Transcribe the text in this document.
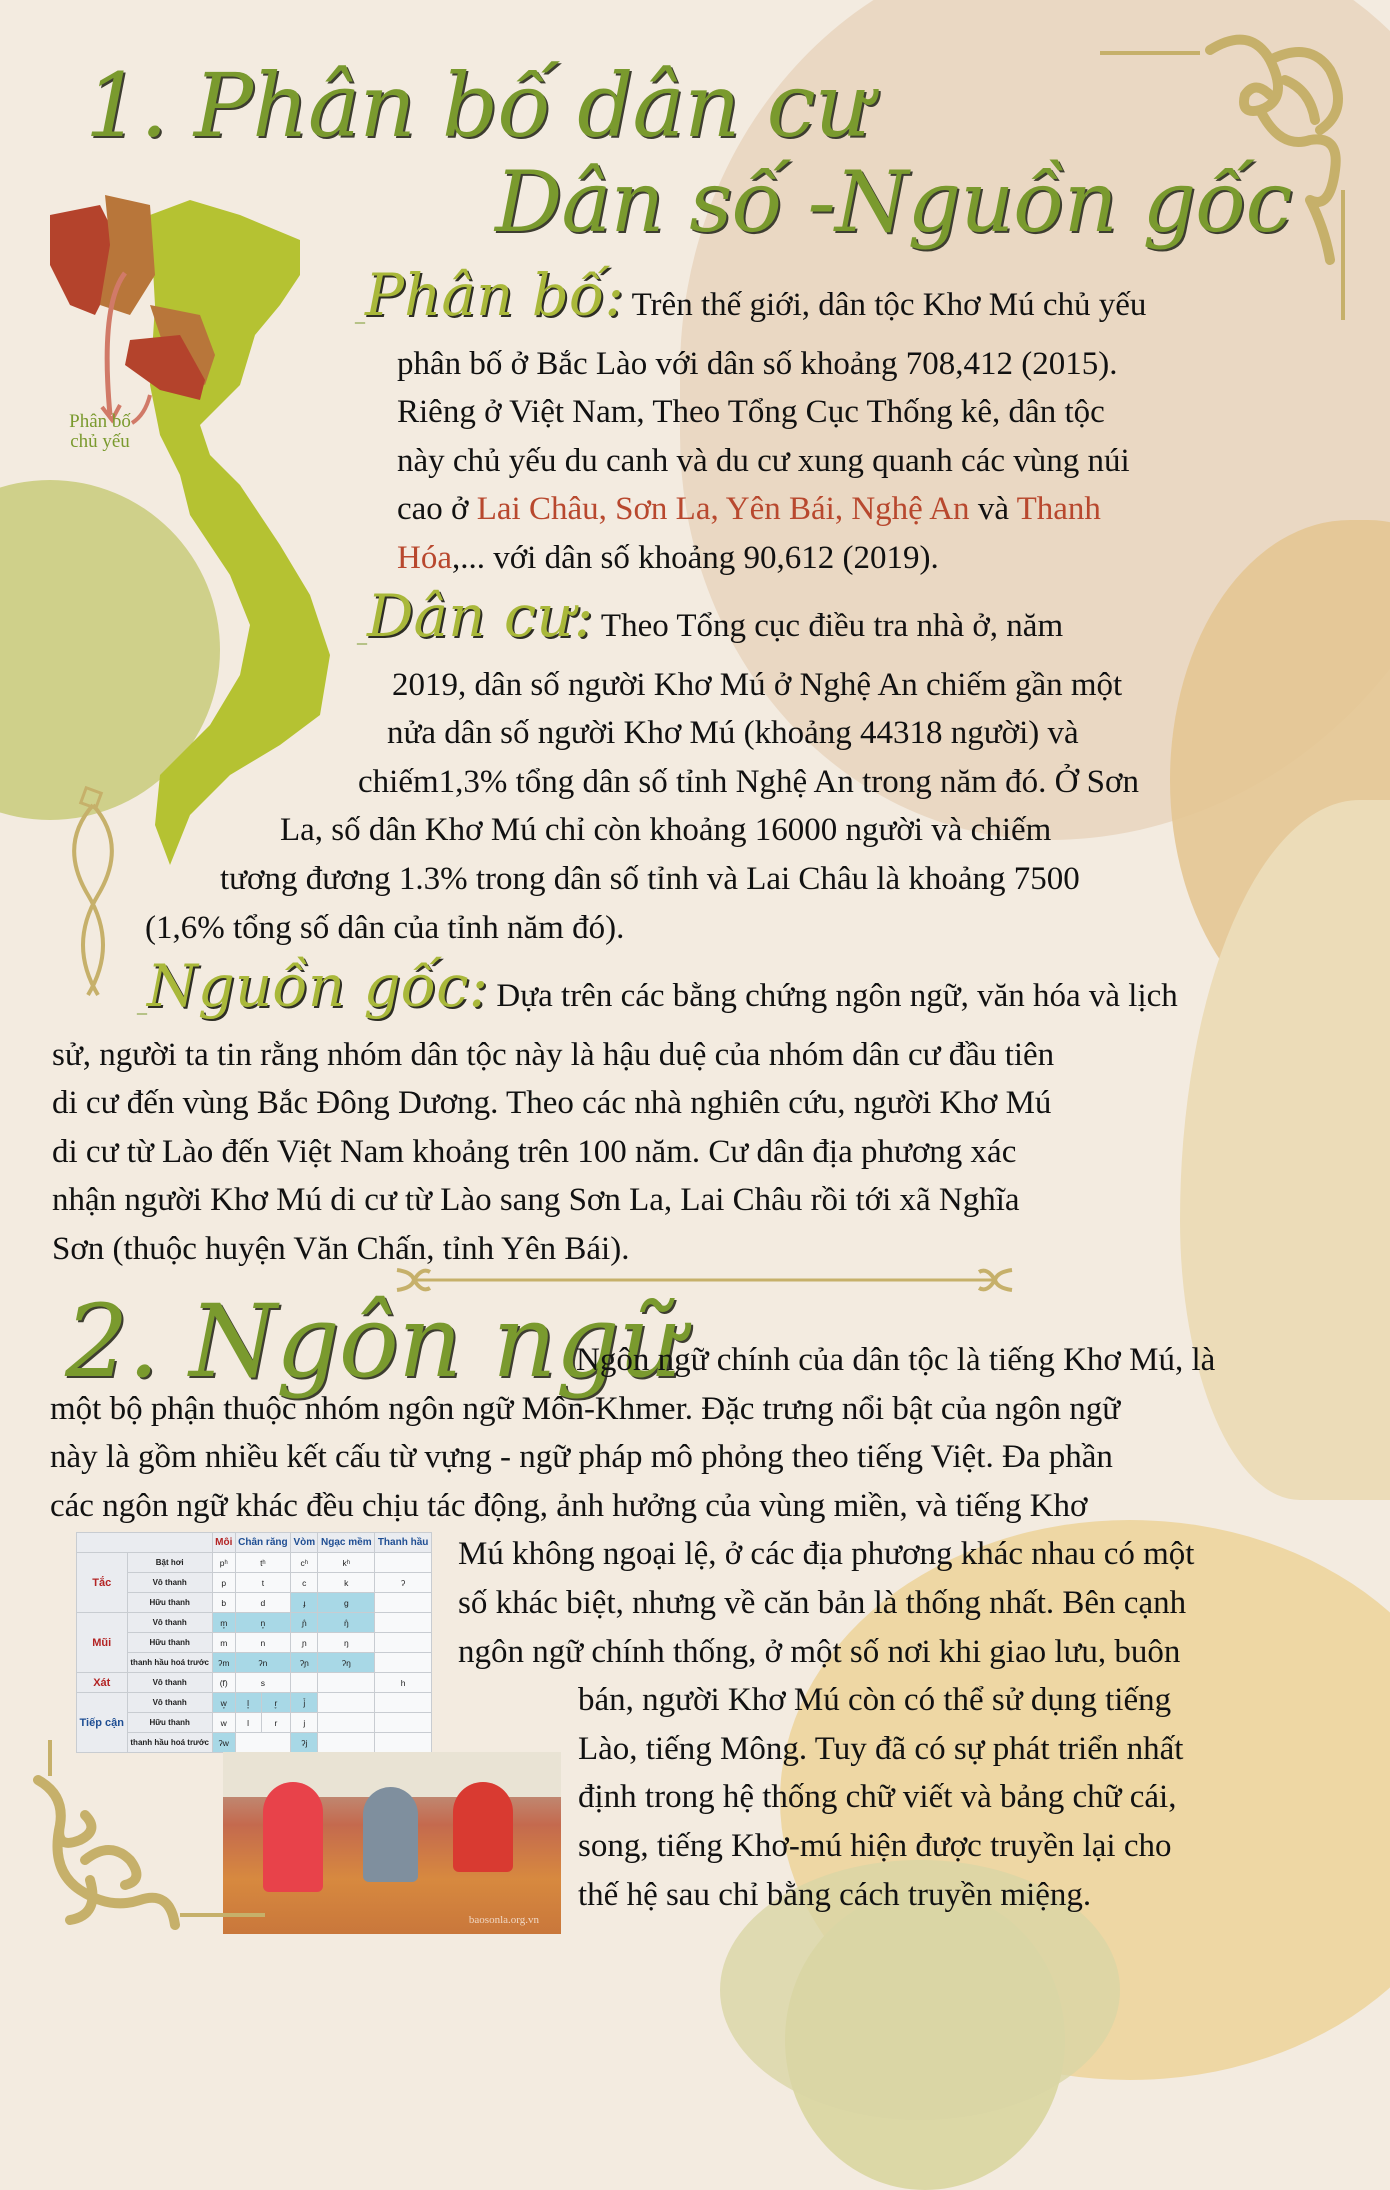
1. Phân bố dân cư
Dân số -Nguồn gốc
Phân bố
chủ yếu

_Phân bố: Trên thế giới, dân tộc Khơ Mú chủ yếu

phân bố ở Bắc Lào với dân số khoảng 708,412 (2015).

Riêng ở Việt Nam, Theo Tổng Cục Thống kê, dân tộc

này chủ yếu du canh và du cư xung quanh các vùng núi

cao ở Lai Châu, Sơn La, Yên Bái, Nghệ An và Thanh

Hóa,... với dân số khoảng 90,612 (2019).

_Dân cư: Theo Tổng cục điều tra nhà ở, năm

2019, dân số người Khơ Mú ở Nghệ An chiếm gần một

nửa dân số người Khơ Mú (khoảng 44318 người) và

chiếm1,3% tổng dân số tỉnh Nghệ An trong năm đó. Ở Sơn

La, số dân Khơ Mú chỉ còn khoảng 16000 người và chiếm

tương đương 1.3% trong dân số tỉnh và Lai Châu là khoảng 7500

(1,6% tổng số dân của tỉnh năm đó).

_Nguồn gốc: Dựa trên các bằng chứng ngôn ngữ, văn hóa và lịch

sử, người ta tin rằng nhóm dân tộc này là hậu duệ của nhóm dân cư đầu tiên

di cư đến vùng Bắc Đông Dương. Theo các nhà nghiên cứu, người Khơ Mú

di cư từ Lào đến Việt Nam khoảng trên 100 năm. Cư dân địa phương xác

nhận người Khơ Mú di cư từ Lào sang Sơn La, Lai Châu rồi tới xã Nghĩa

Sơn (thuộc huyện Văn Chấn, tỉnh Yên Bái).

2. Ngôn ngữ

Ngôn ngữ chính của dân tộc là tiếng Khơ Mú, là

một bộ phận thuộc nhóm ngôn ngữ Môn-Khmer. Đặc trưng nổi bật của ngôn ngữ

này là gồm nhiều kết cấu từ vựng - ngữ pháp mô phỏng theo tiếng Việt. Đa phần

các ngôn ngữ khác đều chịu tác động, ảnh hưởng của vùng miền, và tiếng Khơ

Mú không ngoại lệ, ở các địa phương khác nhau có một

số khác biệt, nhưng về căn bản là thống nhất. Bên cạnh

ngôn ngữ chính thống, ở một số nơi khi giao lưu, buôn

bán, người Khơ Mú còn có thể sử dụng tiếng

Lào, tiếng Mông. Tuy đã có sự phát triển nhất

định trong hệ thống chữ viết và bảng chữ cái,

song, tiếng Khơ-mú hiện được truyền lại cho

thế hệ sau chỉ bằng cách truyền miệng.

		Môi	Chân răng		Vòm	Ngạc mềm	Thanh hầu
Tắc	Bật hơi	pʰ	tʰ		cʰ	kʰ	
	Vô thanh	p	t		c	k	ʔ
	Hữu thanh	b	d		ɟ	g	
Mũi	Vô thanh	m̥	n̥		ɲ̊	ŋ̊	
	Hữu thanh	m	n		ɲ	ŋ	
	thanh hầu hoá trước	ʔm	ʔn		ʔɲ	ʔŋ	
Xát	Vô thanh	(f)	s				h
Tiếp cận	Vô thanh	w̥	l̥	r̥	j̊		
	Hữu thanh	w	l	r	j		
	thanh hầu hoá trước	ʔw			ʔj		
baosonla.org.vn
